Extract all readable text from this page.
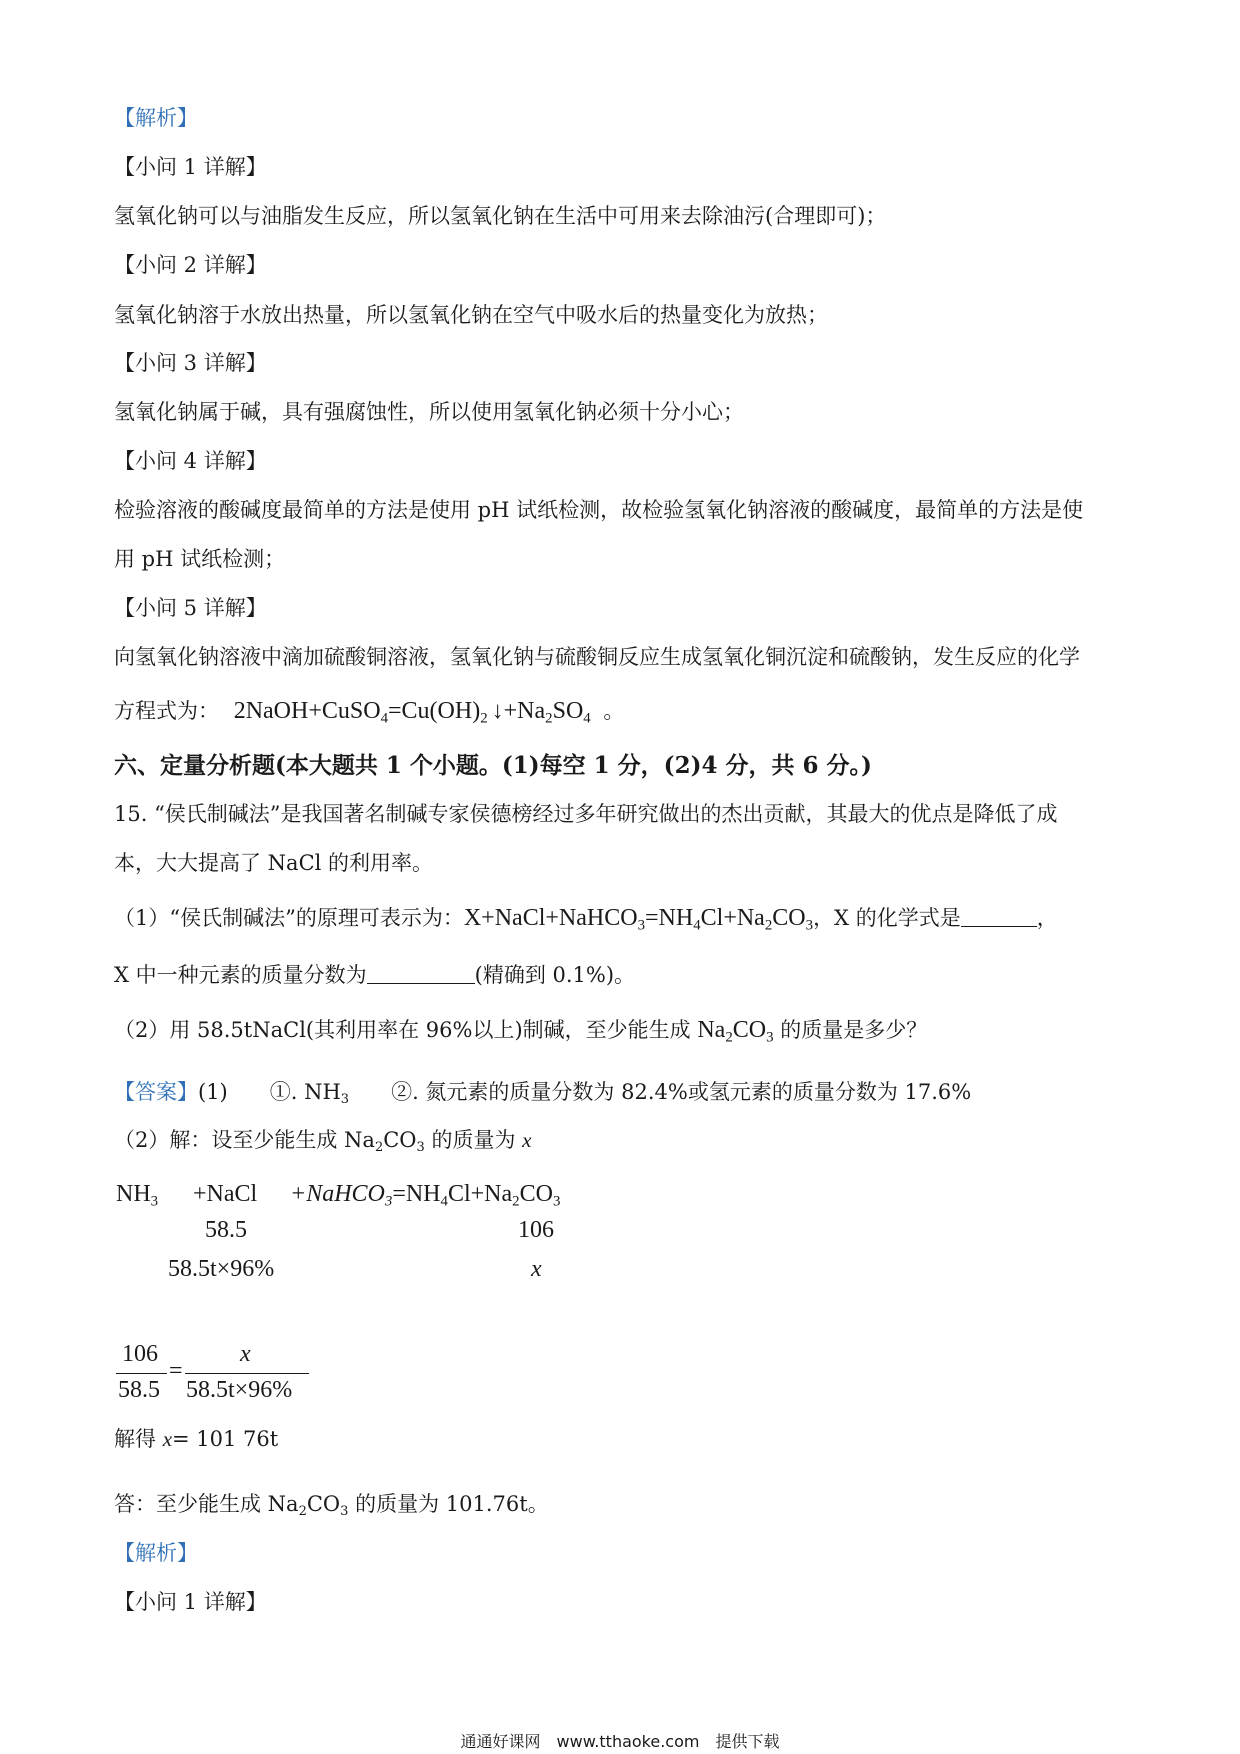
【解析】
【小问 1 详解】
氢氧化钠可以与油脂发生反应，所以氢氧化钠在生活中可用来去除油污(合理即可)；
【小问 2 详解】
氢氧化钠溶于水放出热量，所以氢氧化钠在空气中吸水后的热量变化为放热；
【小问 3 详解】
氢氧化钠属于碱，具有强腐蚀性，所以使用氢氧化钠必须十分小心；
【小问 4 详解】
检验溶液的酸碱度最简单的方法是使用 pH 试纸检测，故检验氢氧化钠溶液的酸碱度，最简单的方法是使
用 pH 试纸检测；
【小问 5 详解】
向氢氧化钠溶液中滴加硫酸铜溶液，氢氧化钠与硫酸铜反应生成氢氧化铜沉淀和硫酸钠，发生反应的化学
方程式为： $2NaOH+CuSO_4=Cu(OH)_2$ $↓+Na_2SO_4$ 。
六、定量分析题(本大题共 1 个小题。(1)每空 1 分，(2)4 分，共 6 分。)
15. “侯氏制碱法”是我国著名制碱专家侯德榜经过多年研究做出的杰出贡献，其最大的优点是降低了成
本，大大提高了 NaCl 的利用率。
（1）“侯氏制碱法”的原理可表示为：$X+NaCl+NaHCO_3=NH_4Cl+Na_2CO_3$，X 的化学式是	，
X 中一种元素的质量分数为	(精确到 0.1%)。
（2）用 58.5tNaCl(其利用率在 96%以上)制碱，至少能生成 $Na_2CO_3$ 的质量是多少？
【答案】(1)　　①. $NH_3$　　②. 氮元素的质量分数为 82.4%或氢元素的质量分数为 17.6%
（2）解：设至少能生成 $Na_2CO_3$ 的质量为 x
$NH_3$ +NaCl $+NaHCO_3=NH_4Cl+Na_2CO_3$
58.5	106
58.5t×96%	x
106
58.5
=
x
58.5t×96%
解得 x= 101 76t
答：至少能生成 $Na_2CO_3$ 的质量为 101.76t。
【解析】
【小问 1 详解】
通通好课网　www.tthaoke.com　提供下载
